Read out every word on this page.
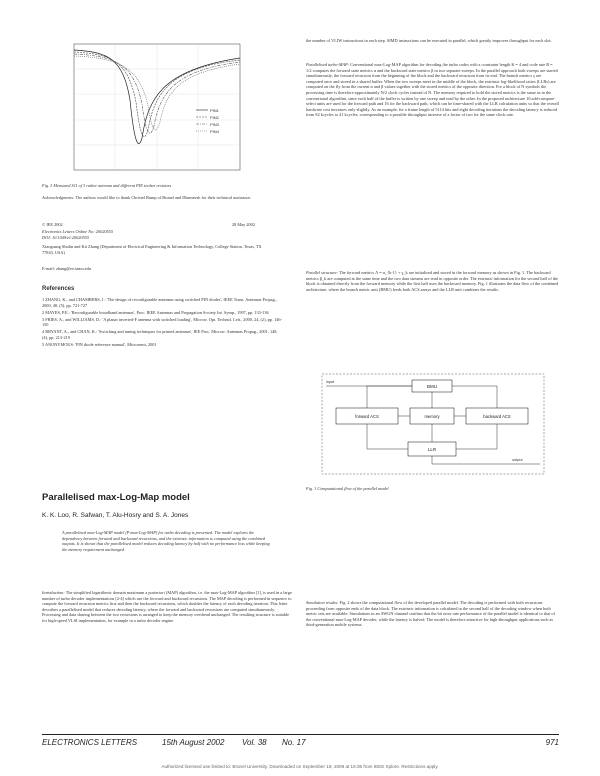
PIN1
PIN2
PIN3
PIN4
Fig. 3 Measured S11 of 3 rather antenna and different PIN toolset resistors
Acknowledgments: The authors would like to thank Christel Bump of Brunel and Dhameesh for their technical assistance.
© IEE 2002	28 May 2002
Electronics Letters Online No: 20020555
DOI: 10.1049/el:20020555
Xiaoguang Shulin and Kit Zhang (Department of Electrical Engineering & Information Technology, College Station, Texas, TX 77843, USA)
E-mail: zhang@ee.tamu.edu
References
1 ZHANG, K., and CHAMBERS, J.: 'The design of reconfigurable antennas using switched PIN diodes', IEEE Trans. Antennas Propag., 2000, 48, (5), pp. 721-727
2 MAYES, P.E.: 'Reconfigurable broadband antennas', Proc. IEEE Antennas and Propagation Society Int. Symp., 1997, pp. 133-136
3 FRIES, A., and WILLIAMS, D.: 'A planar inverted-F antenna with switched loading', Microw. Opt. Technol. Lett., 2000, 24, (2), pp. 146-150
4 BRYANT, A., and CHAN, K.: 'Switching and tuning techniques for printed antennas', IEE Proc. Microw. Antennas Propag., 2001, 148, (4), pp. 213-219
5 ANONYMOUS: 'PIN diode reference manual', Microsemi, 2001
Parallelised max-Log-Map model
K. K. Loo, R. Safwan, T. Alu-Hosry and S. A. Jones
A parallelised max-Log-MAP model (P max-Log-MAP) for turbo decoding is presented. The model explores the dependency between forward and backward recursions, and the extrinsic information is computed using the combined outputs. It is shown that the parallelised model reduces decoding latency by half with no performance loss while keeping the memory requirement unchanged.
Introduction: The simplified logarithmic domain maximum a posteriori (MAP) algorithm, i.e. the max-Log-MAP algorithm [1], is used in a large number of turbo decoder implementations [2-4] which use the forward and backward recursions. The MAP decoding is performed in sequence to compute the forward recursion metrics first and then the backward recursions, which doubles the latency of each decoding iteration. This letter describes a parallelised model that reduces decoding latency, where the forward and backward recursions are computed simultaneously. Processing and data sharing between the two recursions is arranged to keep the memory overhead unchanged. The resulting structure is suitable for high-speed VLSI implementation, for example in a turbo decoder engine.
the number of VLIW instructions in each step. SIMD instructions can be executed in parallel, which greatly improves throughput for each slot.
Parallelised turbo-MAP: Conventional max-Log-MAP algorithm for decoding the turbo codes with a constraint length K = 4 and code rate R = 1/2 computes the forward state metrics α and the backward state metrics β in two separate sweeps. In the parallel approach both sweeps are started simultaneously, the forward recursion from the beginning of the block and the backward recursion from its end. The branch metrics γ are computed once and stored in a shared buffer. When the two sweeps meet in the middle of the block, the extrinsic log-likelihood ratios (LLRs) are computed on the fly from the current α and β values together with the stored metrics of the opposite direction. For a block of N symbols the processing time is therefore approximately N/2 clock cycles instead of N. The memory required to hold the stored metrics is the same as in the conventional algorithm, since each half of the buffer is written by one sweep and read by the other. In the proposed architecture 16 add-compare-select units are used for the forward path and 16 for the backward path, which can be time-shared with the LLR calculation units so that the overall hardware cost increases only slightly. As an example, for a frame length of 5114 bits and eight decoding iterations the decoding latency is reduced from 82 kcycles to 41 kcycles, corresponding to a possible throughput increase of a factor of two for the same clock rate.
Parallel structure: The forward metrics Λ = α_{k-1} + γ_k are initialised and stored in the forward memory as shown in Fig. 1. The backward metrics β_k are computed at the same time and the two data streams are read in opposite order. The extrinsic information for the second half of the block is obtained directly from the forward memory while the first half uses the backward memory. Fig. 1 illustrates the data flow of the combined architecture, where the branch metric unit (BMU) feeds both ACS arrays and the LLR unit combines the results.
BMU
forward ACS	memory	backward ACS
LLR
input
output
Fig. 1 Computational flow of the parallel model
Simulation results: Fig. 2 shows the computational flow of the developed parallel model. The decoding is performed with both recursions proceeding from opposite ends of the data block. The extrinsic information is calculated in the second half of the decoding window when both metric sets are available. Simulations in an AWGN channel confirm that the bit error rate performance of the parallel model is identical to that of the conventional max-Log-MAP decoder, while the latency is halved. The model is therefore attractive for high-throughput applications such as third-generation mobile systems.
ELECTRONICS LETTERS	15th August 2002 Vol. 38 No. 17	971
Authorized licensed use limited to: Brunel University. Downloaded on September 19, 2009 at 15:36 from IEEE Xplore. Restrictions apply.
